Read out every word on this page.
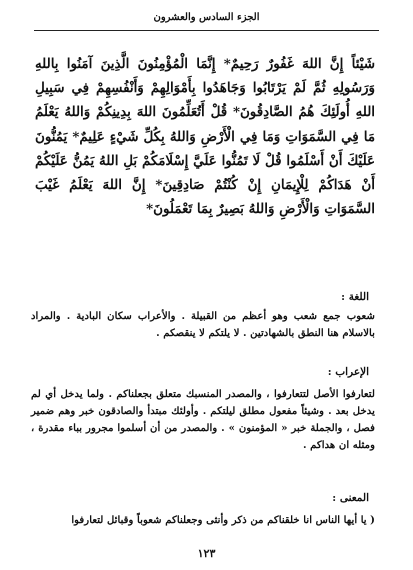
الجزء السادس والعشرون
شَيْئاً إِنَّ اللهَ غَفُورٌ رَحِيمٌ* إِنَّمَا الْمُؤْمِنُونَ الَّذِينَ آمَنُوا بِاللهِ وَرَسُولِهِ ثُمَّ لَمْ يَرْتَابُوا وَجَاهَدُوا بِأَمْوَالِهِمْ وَأَنْفُسِهِمْ فِي سَبِيلِ اللهِ أُولَئِكَ هُمُ الصَّادِقُونَ* قُلْ أَتُعَلِّمُونَ اللهَ بِدِينِكُمْ وَاللهُ يَعْلَمُ مَا فِي السَّمَوَاتِ وَمَا فِي الْأَرْضِ وَاللهُ بِكُلِّ شَيْءٍ عَلِيمٌ* يَمُنُّونَ عَلَيْكَ أَنْ أَسْلَمُوا قُلْ لَا تَمُنُّوا عَلَيَّ إِسْلَامَكُمْ بَلِ اللهُ يَمُنُّ عَلَيْكُمْ أَنْ هَدَاكُمْ لِلْإِيمَانِ إِنْ كُنْتُمْ صَادِقِينَ* إِنَّ اللهَ يَعْلَمُ غَيْبَ السَّمَوَاتِ وَالْأَرْضِ وَاللهُ بَصِيرٌ بِمَا تَعْمَلُونَ*
اللغة :
شعوب جمع شعب وهو أعظم من القبيلة . والأعراب سكان البادية . والمراد بالاسلام هنا النطق بالشهادتين . لا يلتكم لا ينقصكم .
الإعراب :
لتعارفوا الأصل لتتعارفوا ، والمصدر المنسبك متعلق بجعلناكم . ولما يدخل أي لم يدخل بعد . وشيئاً مفعول مطلق ليلتكم . وأولئك مبتدأ والصادقون خبر وهم ضمير فصل ، والجملة خبر « المؤمنون » . والمصدر من أن أسلموا مجرور بباء مقدرة ، ومثله ان هداكم .
المعنى :
( يا أيها الناس انا خلقناكم من ذكر وأنثى وجعلناكم شعوباً وقبائل لتعارفوا
١٢٣
